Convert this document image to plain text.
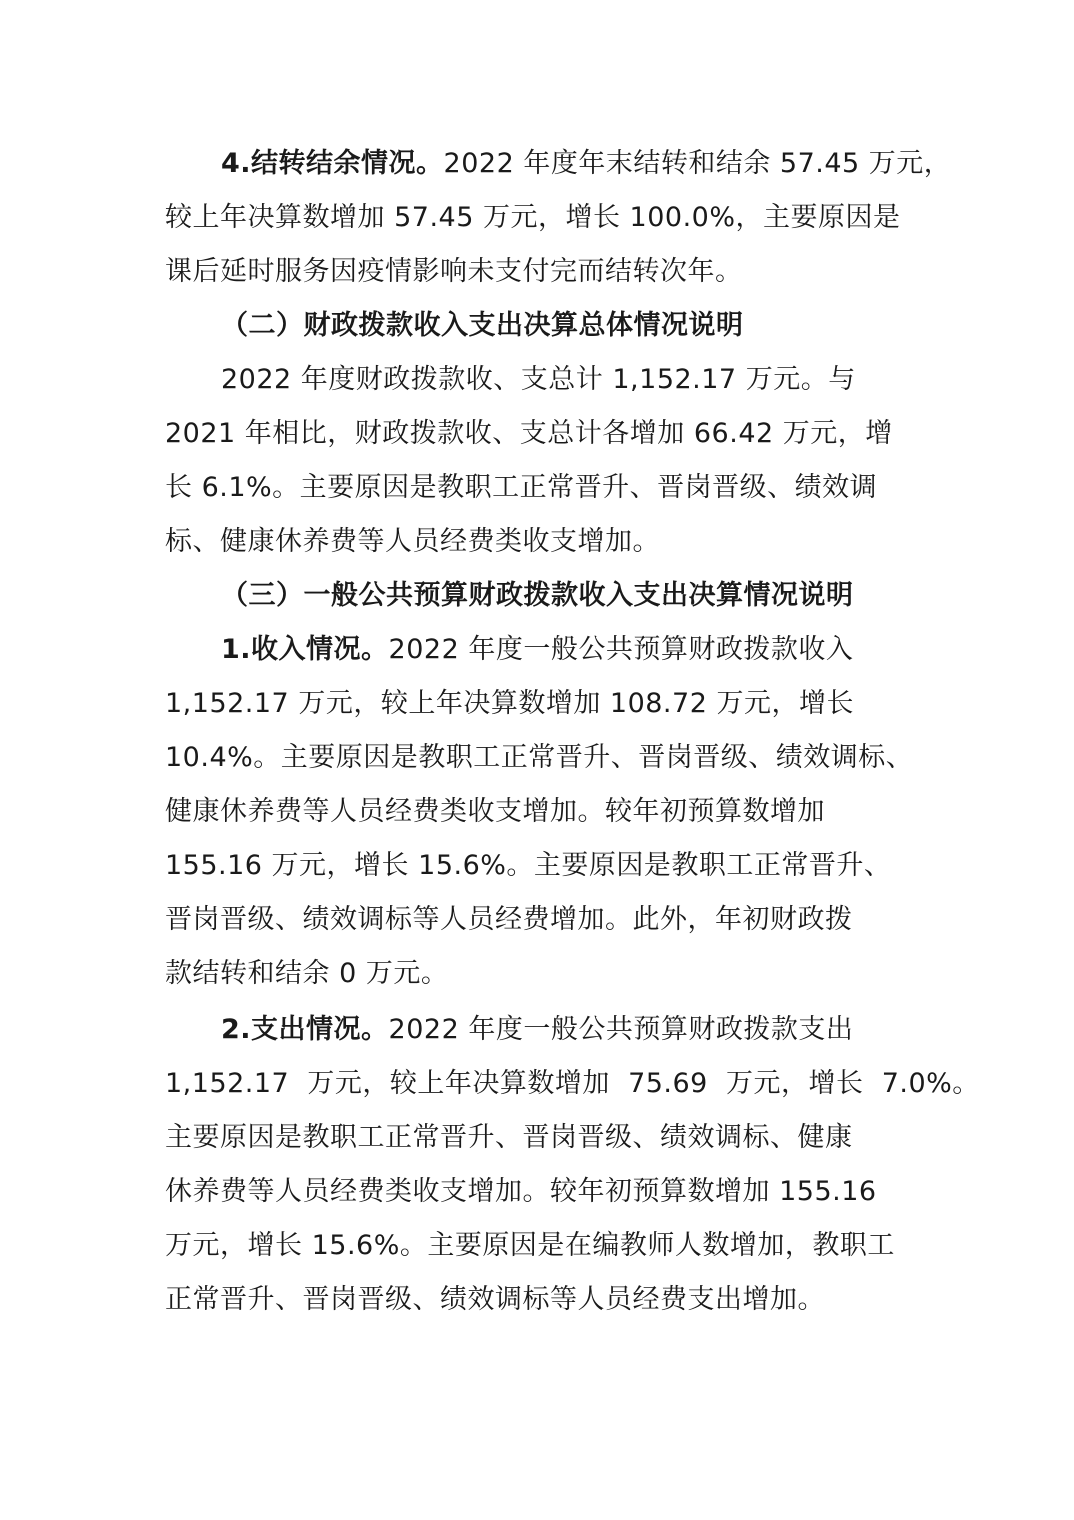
4.结转结余情况。2022 年度年末结转和结余 57.45 万元，
较上年决算数增加 57.45 万元，增长 100.0%，主要原因是
课后延时服务因疫情影响未支付完而结转次年。
（二）财政拨款收入支出决算总体情况说明
2022 年度财政拨款收、支总计 1,152.17 万元。与
2021 年相比，财政拨款收、支总计各增加 66.42 万元，增
长 6.1%。主要原因是教职工正常晋升、晋岗晋级、绩效调
标、健康休养费等人员经费类收支增加。
（三）一般公共预算财政拨款收入支出决算情况说明
1.收入情况。2022 年度一般公共预算财政拨款收入
1,152.17 万元，较上年决算数增加 108.72 万元，增长
10.4%。主要原因是教职工正常晋升、晋岗晋级、绩效调标、
健康休养费等人员经费类收支增加。较年初预算数增加
155.16 万元，增长 15.6%。主要原因是教职工正常晋升、
晋岗晋级、绩效调标等人员经费增加。此外，年初财政拨
款结转和结余 0 万元。
2.支出情况。2022 年度一般公共预算财政拨款支出
1,152.17  万元，较上年决算数增加  75.69  万元，增长  7.0%。
主要原因是教职工正常晋升、晋岗晋级、绩效调标、健康
休养费等人员经费类收支增加。较年初预算数增加 155.16
万元，增长 15.6%。主要原因是在编教师人数增加，教职工
正常晋升、晋岗晋级、绩效调标等人员经费支出增加。
